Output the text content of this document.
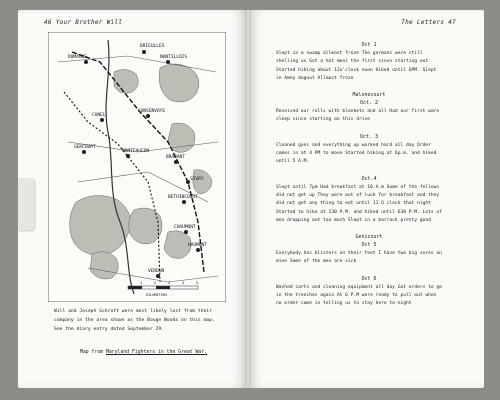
46 Your Brother Will
BRIEULLES
ROMAGNE	NANTILLOIS
CUNEL
CONSENVOYE
GERCOURT
MONTFAUCON
BRABANT
SIVRY
BETHINCOURT
CHAUMONT
HAUMONT
VERDUN
1	2	3	4	5
KILOMETERS
Will and Joseph Schrott were most likely lost from their
company in the area shown as the Bouge Woods on this map.
See the diary entry dated September 29.
Map from Maryland Fighters in the Great War.
The Letters 47
Oct 1
Slept in a swamp allmost froze The germans were still
shelling us Got a hot meal the first since starting out
Started hiking about 12o'clock noon Hiked until 6PM. Slept
in Amey dugout Allmost froze
Malonecourt
Oct. 2
Received our rolls with blankets and all Had our first ware
sleep since starting on this drive
Oct. 3
Cleaned guns and everything up worked hard all day Order
comes in at 4 PM to move Started hiking at 6p.m. and hiked
until 5 A.M.
Oct.4
Slept until 7pm Had breakfast at 10 A.m Some of the fellows
did not get up They were out of luck for breakfast and they
did not get any thing to eat until 11 O clock that night
Started to hike at 130 P.M. and hiked until 630 P.M. Lots of
men dropping out too much Slept in a barrack pretty good
Genicourt
Oct 5
Everybody has blisters on their feet I have two big sores on
mine Some of the men are sick
Oct 6
Washed carts and cleaning equipment all day Got orders to go
in the trenches again At 6 P.M were ready to pull out when
no order came in telling us to stay here to-night
